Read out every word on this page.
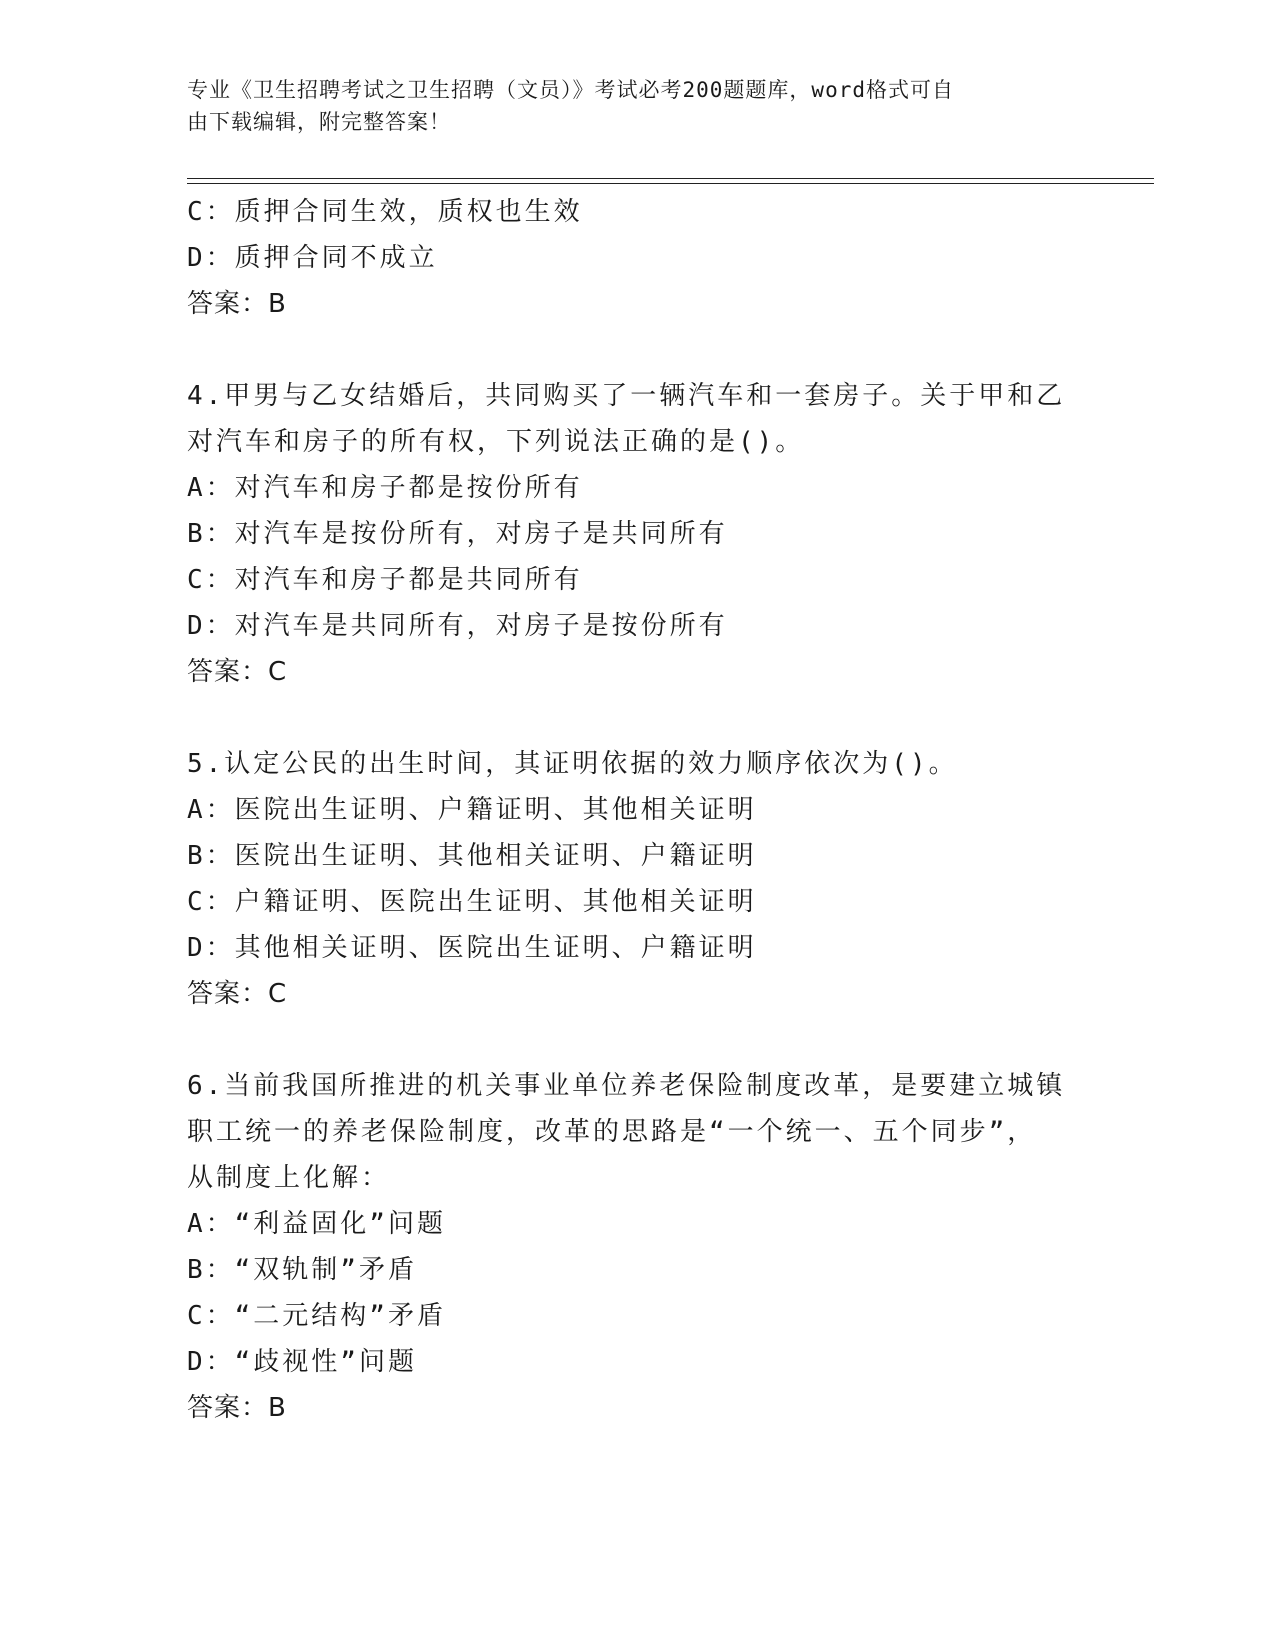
专业《卫生招聘考试之卫生招聘（文员）》考试必考200题题库，word格式可自
由下载编辑，附完整答案！
C：质押合同生效，质权也生效
D：质押合同不成立
答案：B
4.甲男与乙女结婚后，共同购买了一辆汽车和一套房子。关于甲和乙
对汽车和房子的所有权，下列说法正确的是()。
A：对汽车和房子都是按份所有
B：对汽车是按份所有，对房子是共同所有
C：对汽车和房子都是共同所有
D：对汽车是共同所有，对房子是按份所有
答案：C
5.认定公民的出生时间，其证明依据的效力顺序依次为()。
A：医院出生证明、户籍证明、其他相关证明
B：医院出生证明、其他相关证明、户籍证明
C：户籍证明、医院出生证明、其他相关证明
D：其他相关证明、医院出生证明、户籍证明
答案：C
6.当前我国所推进的机关事业单位养老保险制度改革，是要建立城镇
职工统一的养老保险制度，改革的思路是“一个统一、五个同步”，
从制度上化解：
A：“利益固化”问题
B：“双轨制”矛盾
C：“二元结构”矛盾
D：“歧视性”问题
答案：B
